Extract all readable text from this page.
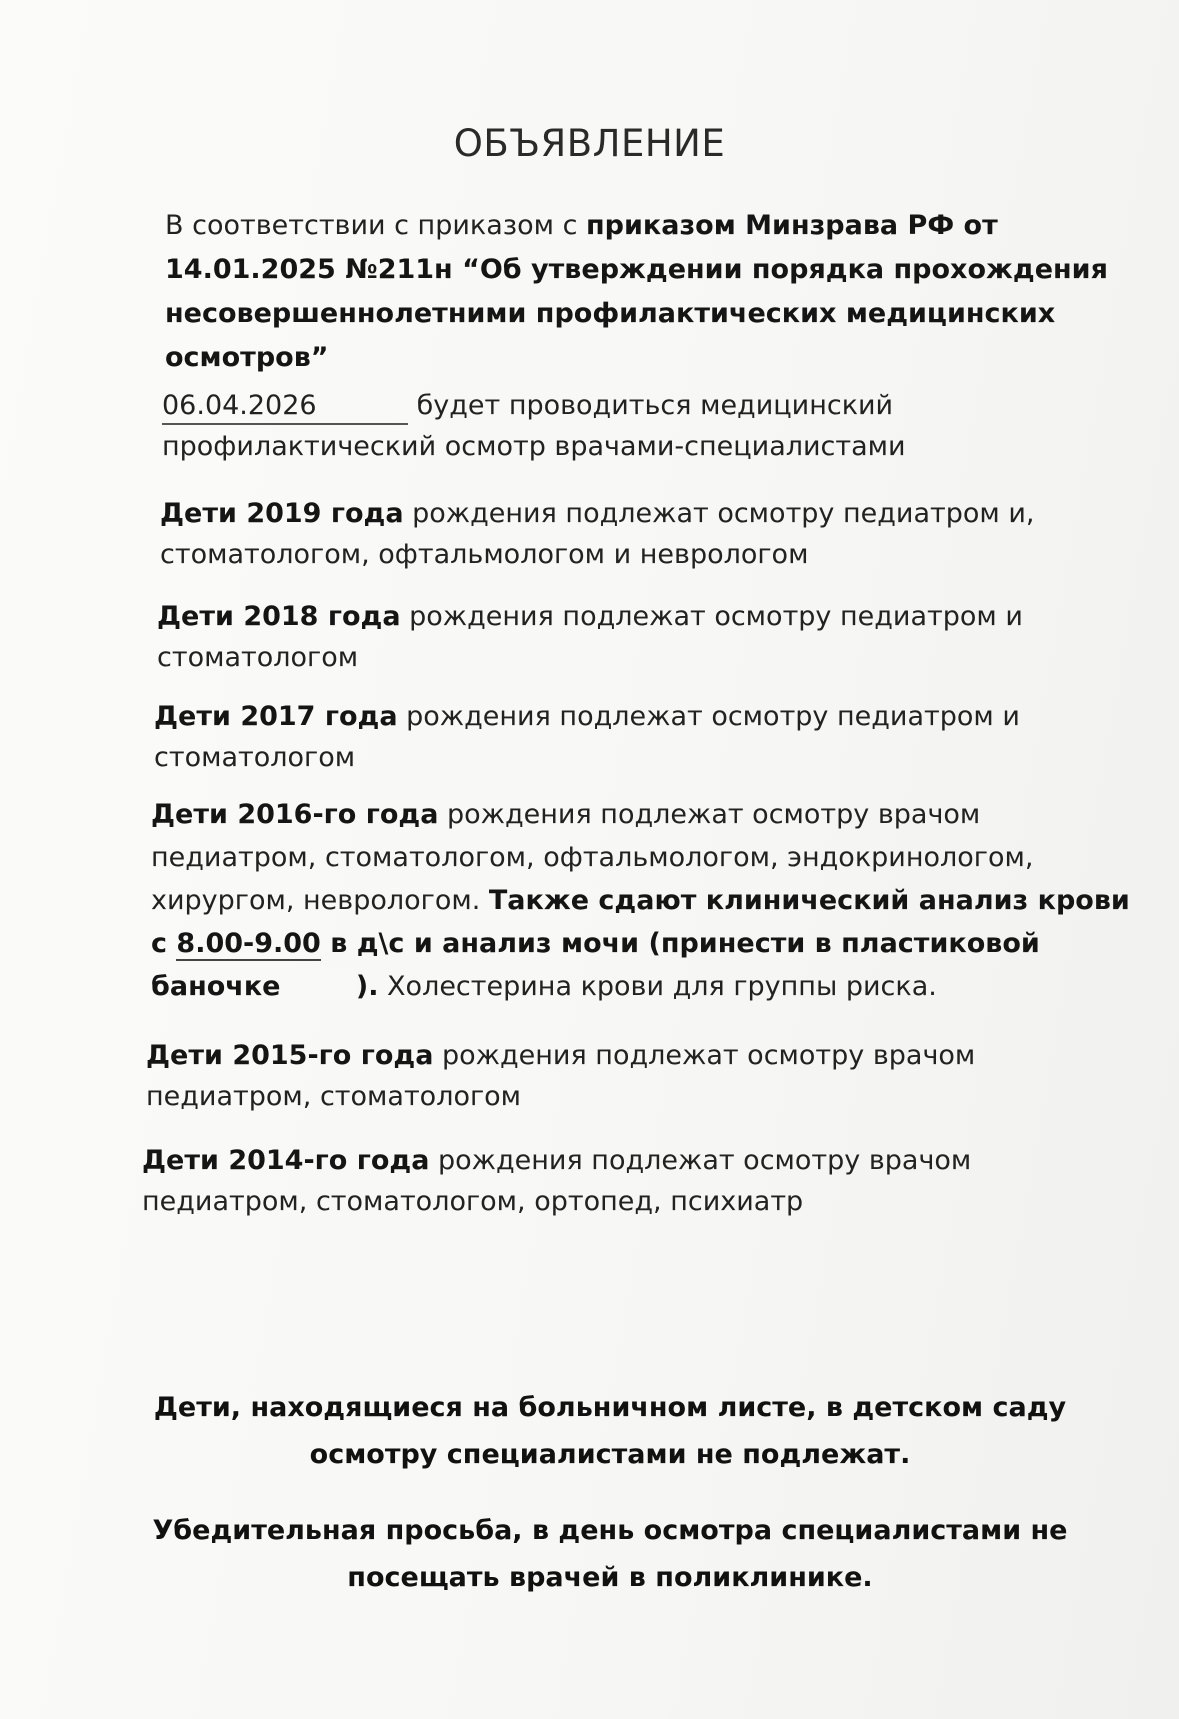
ОБЪЯВЛЕНИЕ
В соответствии с приказом с приказом Минзрава РФ от 14.01.2025 №211н “Об утверждении порядка прохождения несовершеннолетними профилактических медицинских осмотров”
06.04.2026	будет проводиться медицинский профилактический осмотр врачами-специалистами
Дети 2019 года рождения подлежат осмотру педиатром и, стоматологом, офтальмологом и неврологом
Дети 2018 года рождения подлежат осмотру педиатром и стоматологом
Дети 2017 года рождения подлежат осмотру педиатром и стоматологом
Дети 2016-го года рождения подлежат осмотру врачом педиатром, стоматологом, офтальмологом, эндокринологом, хирургом, неврологом. Также сдают клинический анализ крови с 8.00-9.00 в д\с и анализ мочи (принести в пластиковой баночке ). Холестерина крови для группы риска.
Дети 2015-го года рождения подлежат осмотру врачом педиатром, стоматологом
Дети 2014-го года рождения подлежат осмотру врачом педиатром, стоматологом, ортопед, психиатр
Дети, находящиеся на больничном листе, в детском саду осмотру специалистами не подлежат.
Убедительная просьба, в день осмотра специалистами не посещать врачей в поликлинике.
